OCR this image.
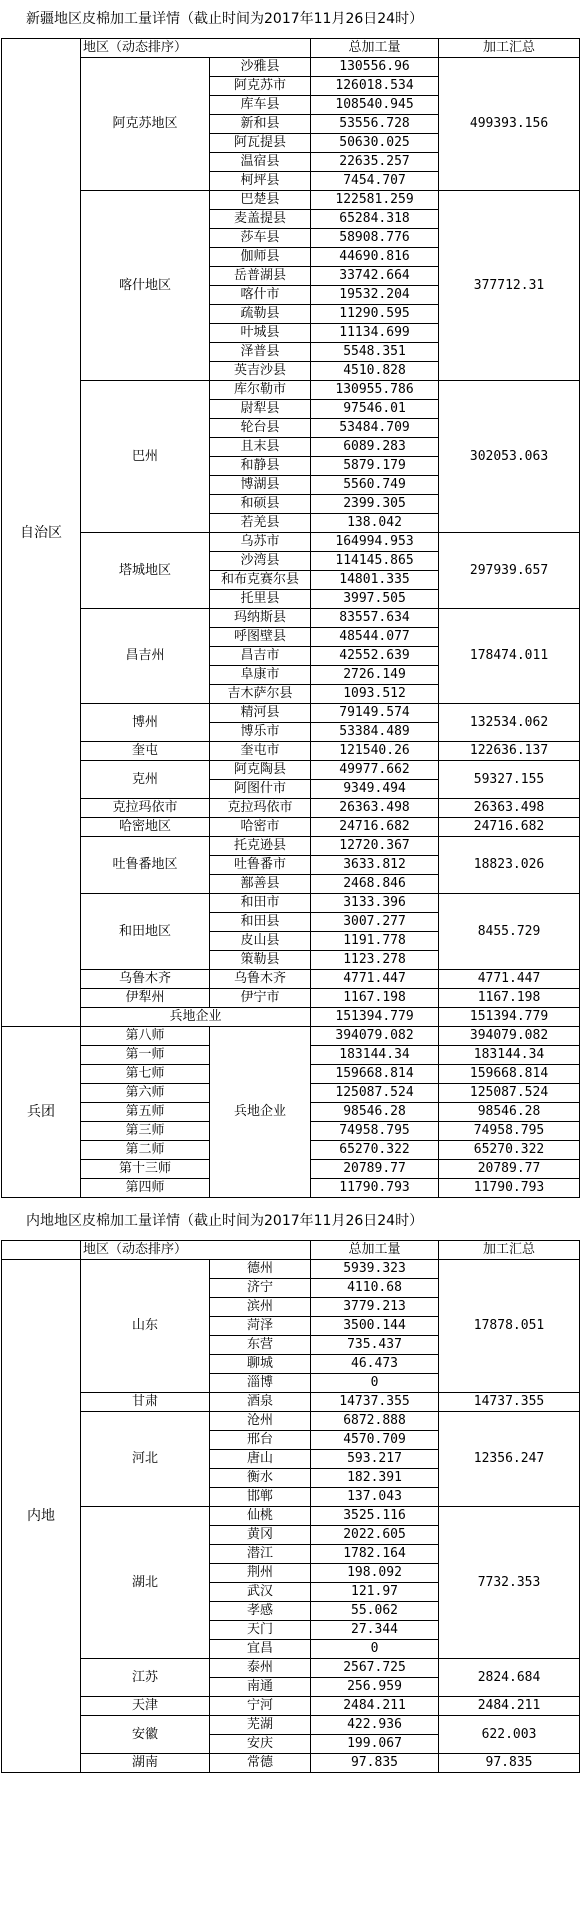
新疆地区皮棉加工量详情（截止时间为2017年11月26日24时）
自治区	地区（动态排序）		总加工量	加工汇总
	阿克苏地区	沙雅县	130556.96	499393.156
		阿克苏市	126018.534	
		库车县	108540.945	
		新和县	53556.728	
		阿瓦提县	50630.025	
		温宿县	22635.257	
		柯坪县	7454.707	
	喀什地区	巴楚县	122581.259	377712.31
		麦盖提县	65284.318	
		莎车县	58908.776	
		伽师县	44690.816	
		岳普湖县	33742.664	
		喀什市	19532.204	
		疏勒县	11290.595	
		叶城县	11134.699	
		泽普县	5548.351	
		英吉沙县	4510.828	
	巴州	库尔勒市	130955.786	302053.063
		尉犁县	97546.01	
		轮台县	53484.709	
		且末县	6089.283	
		和静县	5879.179	
		博湖县	5560.749	
		和硕县	2399.305	
		若羌县	138.042	
	塔城地区	乌苏市	164994.953	297939.657
		沙湾县	114145.865	
		和布克赛尔县	14801.335	
		托里县	3997.505	
	昌吉州	玛纳斯县	83557.634	178474.011
		呼图壁县	48544.077	
		昌吉市	42552.639	
		阜康市	2726.149	
		吉木萨尔县	1093.512	
	博州	精河县	79149.574	132534.062
		博乐市	53384.489	
	奎屯	奎屯市	121540.26	122636.137
	克州	阿克陶县	49977.662	59327.155
		阿图什市	9349.494	
	克拉玛依市	克拉玛依市	26363.498	26363.498
	哈密地区	哈密市	24716.682	24716.682
	吐鲁番地区	托克逊县	12720.367	18823.026
		吐鲁番市	3633.812	
		鄯善县	2468.846	
	和田地区	和田市	3133.396	8455.729
		和田县	3007.277	
		皮山县	1191.778	
		策勒县	1123.278	
	乌鲁木齐	乌鲁木齐	4771.447	4771.447
	伊犁州	伊宁市	1167.198	1167.198
	兵地企业		151394.779	151394.779
兵团	第八师	兵地企业	394079.082	394079.082
	第一师		183144.34	183144.34
	第七师		159668.814	159668.814
	第六师		125087.524	125087.524
	第五师		98546.28	98546.28
	第三师		74958.795	74958.795
	第二师		65270.322	65270.322
	第十三师		20789.77	20789.77
	第四师		11790.793	11790.793
内地地区皮棉加工量详情（截止时间为2017年11月26日24时）
	地区（动态排序）		总加工量	加工汇总
内地	山东	德州	5939.323	17878.051
		济宁	4110.68	
		滨州	3779.213	
		菏泽	3500.144	
		东营	735.437	
		聊城	46.473	
		淄博	0	
	甘肃	酒泉	14737.355	14737.355
	河北	沧州	6872.888	12356.247
		邢台	4570.709	
		唐山	593.217	
		衡水	182.391	
		邯郸	137.043	
	湖北	仙桃	3525.116	7732.353
		黄冈	2022.605	
		潜江	1782.164	
		荆州	198.092	
		武汉	121.97	
		孝感	55.062	
		天门	27.344	
		宜昌	0	
	江苏	泰州	2567.725	2824.684
		南通	256.959	
	天津	宁河	2484.211	2484.211
	安徽	芜湖	422.936	622.003
		安庆	199.067	
	湖南	常德	97.835	97.835
